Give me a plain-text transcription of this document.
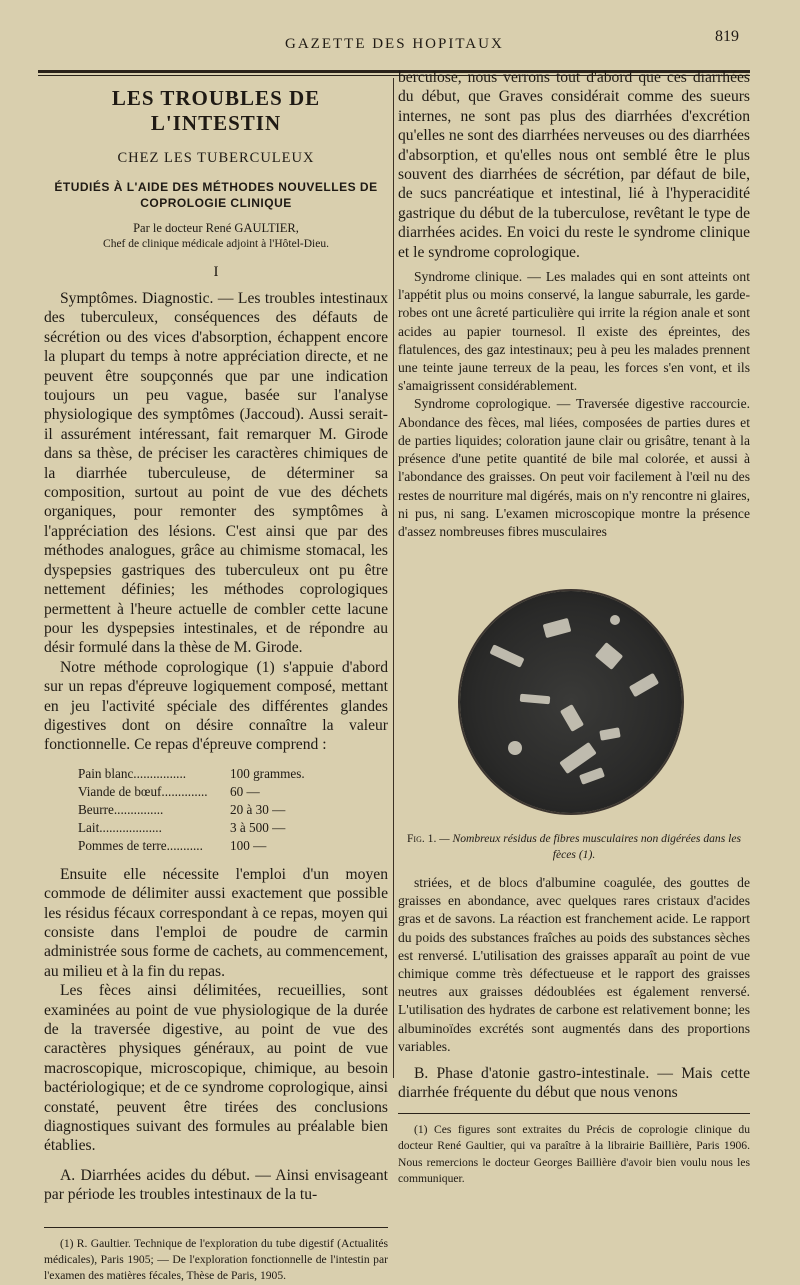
GAZETTE DES HOPITAUX	819
LES TROUBLES DE L'INTESTIN
CHEZ LES TUBERCULEUX
ÉTUDIÉS À L'AIDE DES MÉTHODES NOUVELLES DE COPROLOGIE CLINIQUE
Par le docteur René GAULTIER,
Chef de clinique médicale adjoint à l'Hôtel-Dieu.
I

Symptômes. Diagnostic. — Les troubles intestinaux des tuberculeux, conséquences des défauts de sécrétion ou des vices d'absorption, échappent encore la plupart du temps à notre appréciation directe, et ne peuvent être soupçonnés que par une indication toujours un peu vague, basée sur l'analyse physiologique des symptômes (Jaccoud). Aussi serait-il assurément intéressant, fait remarquer M. Girode dans sa thèse, de préciser les caractères chimiques de la diarrhée tuberculeuse, de déterminer sa composition, surtout au point de vue des déchets organiques, pour remonter des symptômes à l'appréciation des lésions. C'est ainsi que par des méthodes analogues, grâce au chimisme stomacal, les dyspepsies gastriques des tuberculeux ont pu être nettement définies; les méthodes coprologiques permettent à l'heure actuelle de combler cette lacune pour les dyspepsies intestinales, et de répondre au désir formulé dans la thèse de M. Girode.

Notre méthode coprologique (1) s'appuie d'abord sur un repas d'épreuve logiquement composé, mettant en jeu l'activité spéciale des différentes glandes digestives dont on désire connaître la valeur fonctionnelle. Ce repas d'épreuve comprend :

Pain blanc................	100 grammes.
Viande de bœuf.............. 60 —
Beurre...............	20 à 30 —
Lait...................	3 à 500 —
Pommes de terre........... 100 —

Ensuite elle nécessite l'emploi d'un moyen commode de délimiter aussi exactement que possible les résidus fécaux correspondant à ce repas, moyen qui consiste dans l'emploi de poudre de carmin administrée sous forme de cachets, au commencement, au milieu et à la fin du repas.

Les fèces ainsi délimitées, recueillies, sont examinées au point de vue physiologique de la durée de la traversée digestive, au point de vue des caractères physiques généraux, au point de vue macroscopique, microscopique, chimique, au besoin bactériologique; et de ce syndrome coprologique, ainsi constaté, peuvent être tirées des conclusions diagnostiques suivant des formules au préalable bien établies.

A. Diarrhées acides du début. — Ainsi envisageant par période les troubles intestinaux de la tu-

(1) R. Gaultier. Technique de l'exploration du tube digestif (Actualités médicales), Paris 1905; — De l'exploration fonctionnelle de l'intestin par l'examen des matières fécales, Thèse de Paris, 1905.

berculose, nous verrons tout d'abord que ces diarrhées du début, que Graves considérait comme des sueurs internes, ne sont pas plus des diarrhées d'excrétion qu'elles ne sont des diarrhées nerveuses ou des diarrhées d'absorption, et qu'elles nous ont semblé être le plus souvent des diarrhées de sécrétion, par défaut de bile, de sucs pancréatique et intestinal, lié à l'hyperacidité gastrique du début de la tuberculose, revêtant le type de diarrhées acides. En voici du reste le syndrome clinique et le syndrome coprologique.

Syndrome clinique. — Les malades qui en sont atteints ont l'appétit plus ou moins conservé, la langue saburrale, les garde-robes ont une âcreté particulière qui irrite la région anale et sont acides au papier tournesol. Il existe des épreintes, des flatulences, des gaz intestinaux; peu à peu les malades prennent une teinte jaune terreux de la peau, les forces s'en vont, et ils s'amaigrissent considérablement.

Syndrome coprologique. — Traversée digestive raccourcie. Abondance des fèces, mal liées, composées de parties dures et de parties liquides; coloration jaune clair ou grisâtre, tenant à la présence d'une petite quantité de bile mal colorée, et aussi à l'abondance des graisses. On peut voir facilement à l'œil nu des restes de nourriture mal digérés, mais on n'y rencontre ni glaires, ni pus, ni sang. L'examen microscopique montre la présence d'assez nombreuses fibres musculaires

Fig. 1. — Nombreux résidus de fibres musculaires non digérées dans les fèces (1).

striées, et de blocs d'albumine coagulée, des gouttes de graisses en abondance, avec quelques rares cristaux d'acides gras et de savons. La réaction est franchement acide. Le rapport du poids des substances fraîches au poids des substances sèches est renversé. L'utilisation des graisses apparaît au point de vue chimique comme très défectueuse et le rapport des graisses neutres aux graisses dédoublées est également renversé. L'utilisation des hydrates de carbone est relativement bonne; les albuminoïdes excrétés sont augmentés dans des proportions variables.

B. Phase d'atonie gastro-intestinale. — Mais cette diarrhée fréquente du début que nous venons

(1) Ces figures sont extraites du Précis de coprologie clinique du docteur René Gaultier, qui va paraître à la librairie Baillière, Paris 1906. Nous remercions le docteur Georges Baillière d'avoir bien voulu nous les communiquer.
